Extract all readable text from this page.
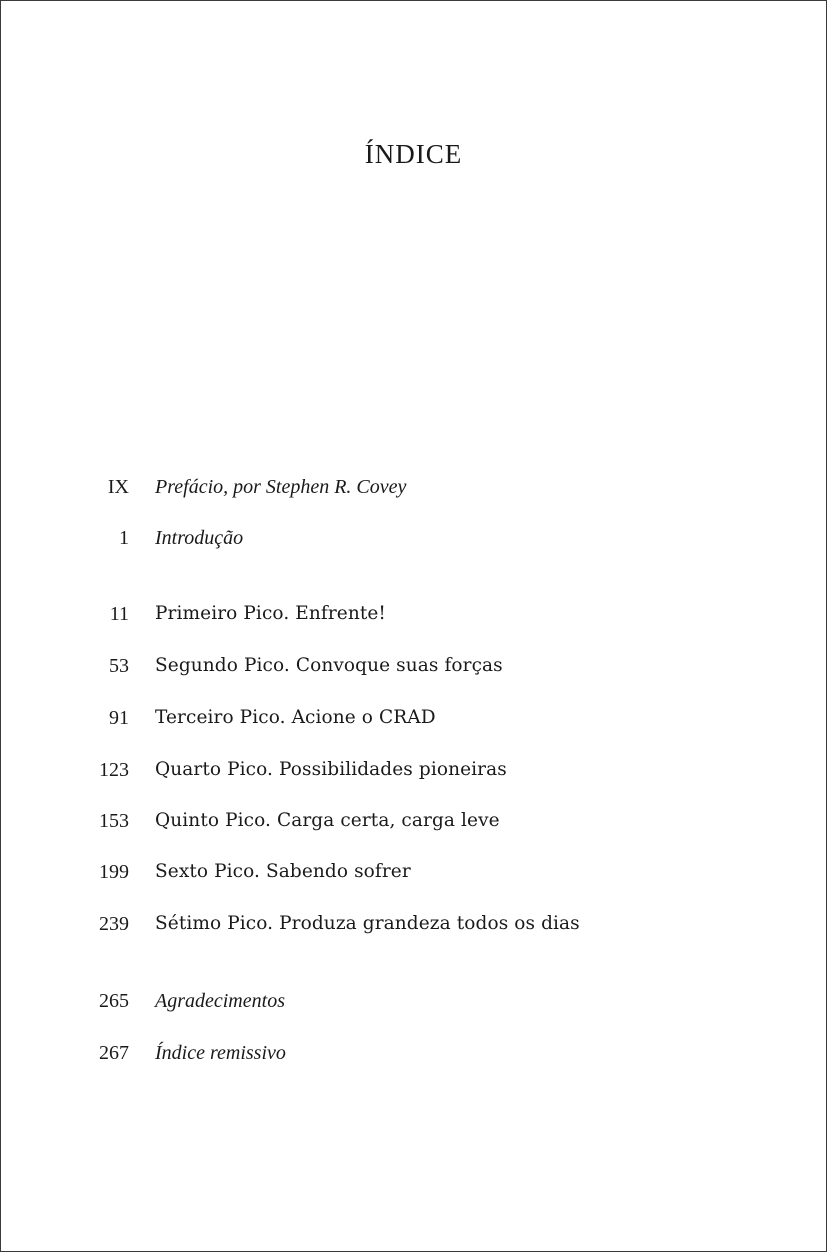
ÍNDICE
IX Prefácio, por Stephen R. Covey
1 Introdução
11 Primeiro Pico. Enfrente!
53 Segundo Pico. Convoque suas forças
91 Terceiro Pico. Acione o CRAD
123 Quarto Pico. Possibilidades pioneiras
153 Quinto Pico. Carga certa, carga leve
199 Sexto Pico. Sabendo sofrer
239 Sétimo Pico. Produza grandeza todos os dias
265 Agradecimentos
267 Índice remissivo
